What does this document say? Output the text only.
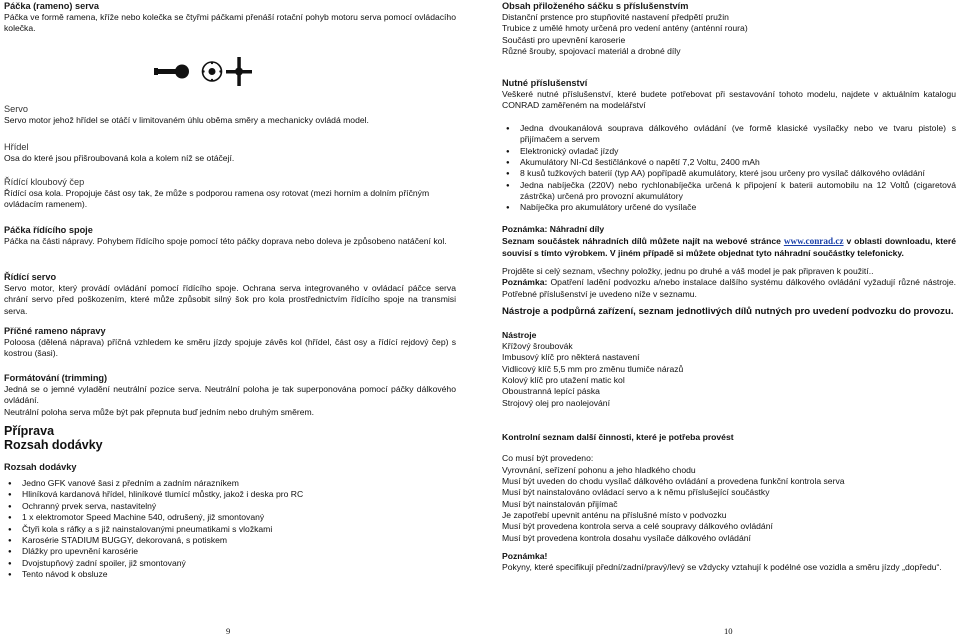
Páčka (rameno) serva

Páčka ve formě ramena, kříže nebo kolečka se čtyřmi páčkami přenáší rotační pohyb motoru serva pomocí ovládacího kolečka.

Servo

Servo motor jehož hřídel se otáčí v limitovaném úhlu oběma směry a mechanicky ovládá model.

Hřídel

Osa do které jsou přišroubovaná kola a kolem níž se otáčejí.

Řídící kloubový čep

Řídící osa kola. Propojuje část osy tak, že může s podporou ramena osy rotovat (mezi horním a dolním příčným ovládacím ramenem).

Páčka řídícího spoje

Páčka na části nápravy. Pohybem řídícího spoje pomocí této páčky doprava nebo doleva je způsobeno natáčení kol.

Řídící servo

Servo motor, který provádí ovládání pomocí řídícího spoje. Ochrana serva integrovaného v ovládací páčce serva chrání servo před poškozením, které může způsobit silný šok pro kola prostřednictvím řídícího spoje na transmisi serva.

Příčné rameno nápravy

Poloosa (dělená náprava) příčná vzhledem ke směru jízdy spojuje závěs kol (hřídel, část osy a řídící rejdový čep) s kostrou (šasi).

Formátování (trimming)

Jedná se o jemné vyladění neutrální pozice serva. Neutrální poloha je tak superponována pomocí páčky dálkového ovládání.

Neutrální poloha serva může být pak přepnuta buď jedním nebo druhým směrem.

Příprava

Rozsah dodávky

Rozsah dodávky

● Jedno GFK vanové šasi z předním a zadním nárazníkem
● Hliníková kardanová hřídel, hliníkové tlumící můstky, jakož i deska pro RC
● Ochranný prvek serva, nastavitelný
● 1 x elektromotor Speed Machine 540, odrušený, již smontovaný
● Čtyři kola s ráfky a s již nainstalovanými pneumatikami s vložkami
● Karosérie STADIUM BUGGY, dekorovaná, s potiskem
● Dlážky pro upevnění karosérie
● Dvojstupňový zadní spoiler, již smontovaný
● Tento návod k obsluze

Obsah přiloženého sáčku s příslušenstvím

Distanční prstence pro stupňovité nastavení předpětí pružin

Trubice z umělé hmoty určená pro vedení antény (anténní roura)

Součásti pro upevnění karoserie

Různé šrouby, spojovací materiál a drobné díly

Nutné příslušenství

Veškeré nutné příslušenství, které budete potřebovat při sestavování tohoto modelu, najdete v aktuálním katalogu CONRAD zaměřeném na modelářství

● Jedna dvoukanálová souprava dálkového ovládání (ve formě klasické vysílačky nebo ve tvaru pistole) s přijímačem a servem
● Elektronický ovladač jízdy
● Akumulátory NI-Cd šestičlánkové o napětí 7,2 Voltu, 2400 mAh
● 8 kusů tužkových baterií (typ AA) popřípadě akumulátory, které jsou určeny pro vysílač dálkového ovládání
● Jedna nabíječka (220V) nebo rychlonabíječka určená k připojení k baterii automobilu na 12 Voltů (cigaretová zástrčka) určená pro provozní akumulátory
● Nabíječka pro akumulátory určené do vysílače

Poznámka: Náhradní díly

Seznam součástek náhradních dílů můžete najít na webové stránce www.conrad.cz v oblasti downloadu, které souvisí s tímto výrobkem. V jiném případě si můžete objednat tyto náhradní součástky telefonicky.

Projděte si celý seznam, všechny položky, jednu po druhé a váš model je pak připraven k použití..

Poznámka: Opatření ladění podvozku a/nebo instalace dalšího systému dálkového ovládání vyžadují různé nástroje. Potřebné příslušenství je uvedeno níže v seznamu.

Nástroje a podpůrná zařízení, seznam jednotlivých dílů nutných pro uvedení podvozku do provozu.

Nástroje

Křížový šroubovák

Imbusový klíč pro některá nastavení

Vidlicový klíč 5,5 mm pro změnu tlumiče nárazů

Kolový klíč pro utažení matic kol

Oboustranná lepící páska

Strojový olej pro naolejování

Kontrolní seznam další činnosti, které je potřeba provést

Co musí být provedeno:

Vyrovnání, seřízení pohonu a jeho hladkého chodu

Musí být uveden do chodu vysílač dálkového ovládání a provedena funkční kontrola serva

Musí být nainstalováno ovládací servo a k němu příslušející součástky

Musí být nainstalován přijímač

Je zapotřebí upevnit anténu na příslušné místo v podvozku

Musí být provedena kontrola serva a celé soupravy dálkového ovládání

Musí být provedena kontrola dosahu vysílače dálkového ovládání

Poznámka!

Pokyny, které specifikují přední/zadní/pravý/levý se vždycky vztahují k podélné ose vozidla a směru jízdy „dopředu“.

9	10
